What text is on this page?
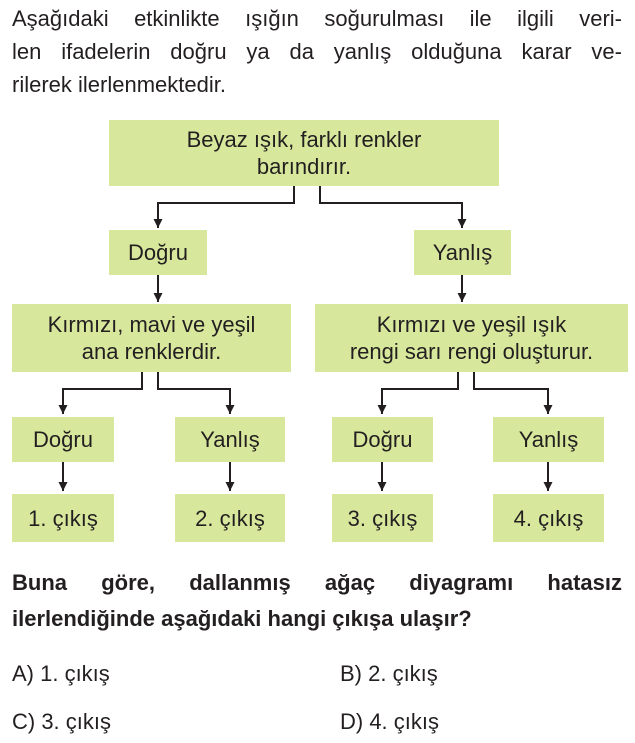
Aşağıdaki etkinlikte ışığın soğurulması ile ilgili veri-
len ifadelerin doğru ya da yanlış olduğuna karar ve-
rilerek ilerlenmektedir.
Beyaz ışık, farklı renkler
barındırır.
Doğru	Yanlış
Kırmızı, mavi ve yeşil
ana renklerdir.
Kırmızı ve yeşil ışık
rengi sarı rengi oluşturur.
Doğru	Yanlış	Doğru	Yanlış
1. çıkış	2. çıkış	3. çıkış	4. çıkış
Buna göre, dallanmış ağaç diyagramı hatasız
ilerlendiğinde aşağıdaki hangi çıkışa ulaşır?
A) 1. çıkış	B) 2. çıkış
C) 3. çıkış	D) 4. çıkış
